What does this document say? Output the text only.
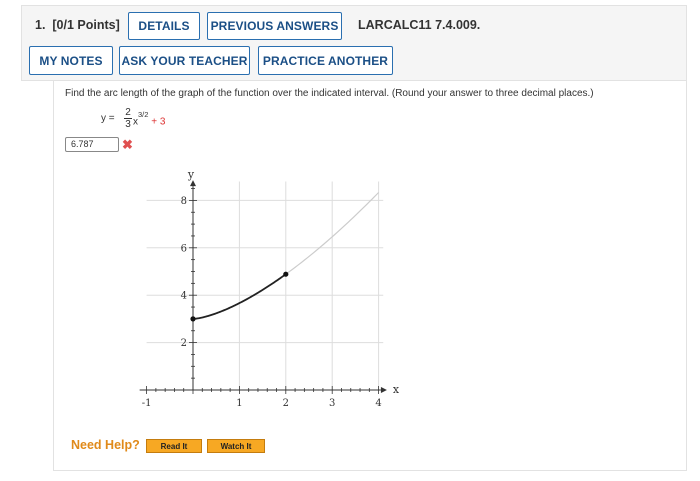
1. [0/1 Points]	DETAILS	PREVIOUS ANSWERS LARCALC11 7.4.009.
MY NOTES	ASK YOUR TEACHER	PRACTICE ANOTHER
Find the arc length of the graph of the function over the indicated interval. (Round your answer to three decimal places.)
y =
2
3 $x^{3/2} + 3$
6.787	✖
-1	1	2	3	4
2
4
6
8
x
y
Need Help?	Read It	Watch It
